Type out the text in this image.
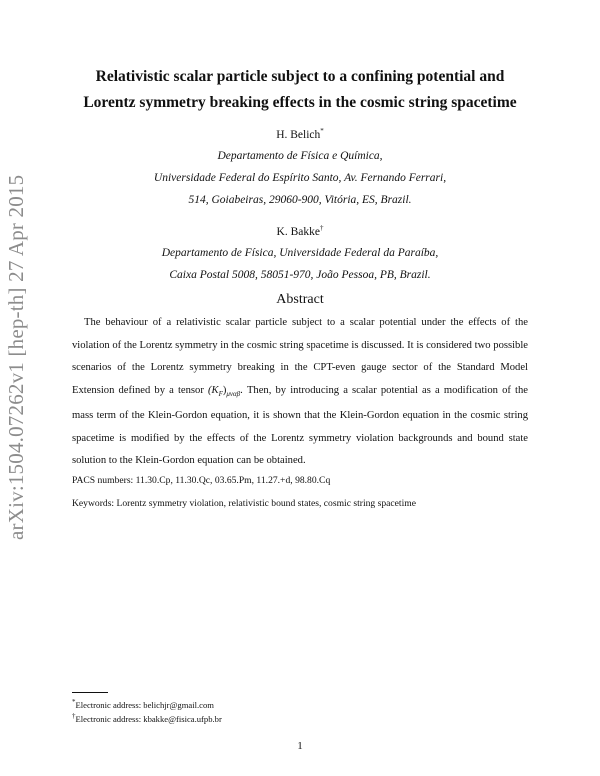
arXiv:1504.07262v1 [hep-th] 27 Apr 2015
Relativistic scalar particle subject to a confining potential and
Lorentz symmetry breaking effects in the cosmic string spacetime
H. Belich*
Departamento de Física e Química,
Universidade Federal do Espírito Santo, Av. Fernando Ferrari,
514, Goiabeiras, 29060-900, Vitória, ES, Brazil.
K. Bakke†
Departamento de Física, Universidade Federal da Paraíba,
Caixa Postal 5008, 58051-970, João Pessoa, PB, Brazil.
Abstract
The behaviour of a relativistic scalar particle subject to a scalar potential under the effects of the violation of the Lorentz symmetry in the cosmic string spacetime is discussed. It is considered two possible scenarios of the Lorentz symmetry breaking in the CPT-even gauge sector of the Standard Model Extension defined by a tensor $(K_F)_{\mu\nu\alpha\beta}$. Then, by introducing a scalar potential as a modification of the mass term of the Klein-Gordon equation, it is shown that the Klein-Gordon equation in the cosmic string spacetime is modified by the effects of the Lorentz symmetry violation backgrounds and bound state solution to the Klein-Gordon equation can be obtained.
PACS numbers: 11.30.Cp, 11.30.Qc, 03.65.Pm, 11.27.+d, 98.80.Cq
Keywords: Lorentz symmetry violation, relativistic bound states, cosmic string spacetime
*Electronic address: belichjr@gmail.com
†Electronic address: kbakke@fisica.ufpb.br
1
